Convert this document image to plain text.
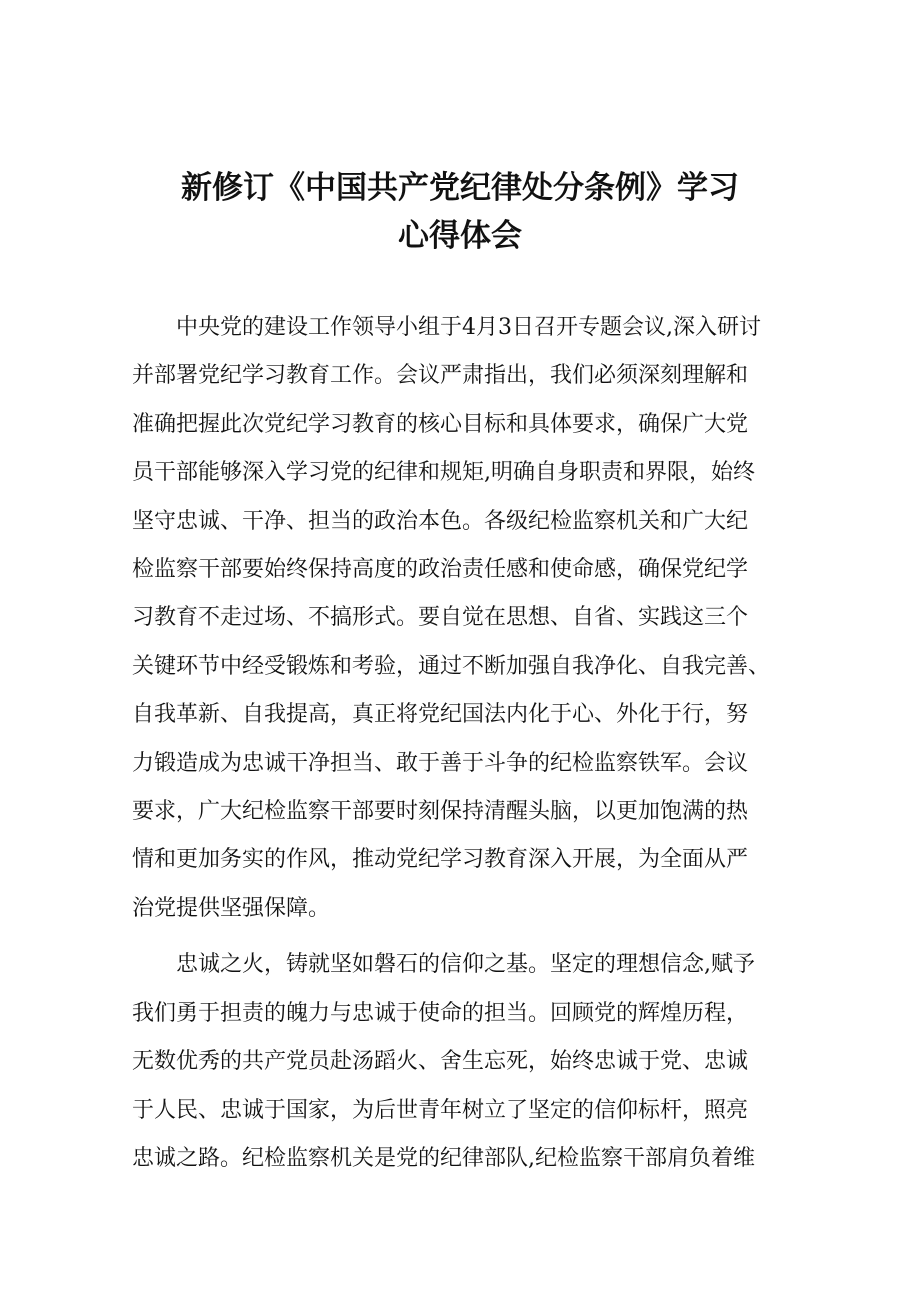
新修订《中国共产党纪律处分条例》学习
心得体会
中央党的建设工作领导小组于4月3日召开专题会议,深入研讨
并部署党纪学习教育工作。会议严肃指出，我们必须深刻理解和
准确把握此次党纪学习教育的核心目标和具体要求，确保广大党
员干部能够深入学习党的纪律和规矩,明确自身职责和界限，始终
坚守忠诚、干净、担当的政治本色。各级纪检监察机关和广大纪
检监察干部要始终保持高度的政治责任感和使命感，确保党纪学
习教育不走过场、不搞形式。要自觉在思想、自省、实践这三个
关键环节中经受锻炼和考验，通过不断加强自我净化、自我完善、
自我革新、自我提高，真正将党纪国法内化于心、外化于行，努
力锻造成为忠诚干净担当、敢于善于斗争的纪检监察铁军。会议
要求，广大纪检监察干部要时刻保持清醒头脑，以更加饱满的热
情和更加务实的作风，推动党纪学习教育深入开展，为全面从严
治党提供坚强保障。
忠诚之火，铸就坚如磐石的信仰之基。坚定的理想信念,赋予
我们勇于担责的魄力与忠诚于使命的担当。回顾党的辉煌历程，
无数优秀的共产党员赴汤蹈火、舍生忘死，始终忠诚于党、忠诚
于人民、忠诚于国家，为后世青年树立了坚定的信仰标杆，照亮
忠诚之路。纪检监察机关是党的纪律部队,纪检监察干部肩负着维
